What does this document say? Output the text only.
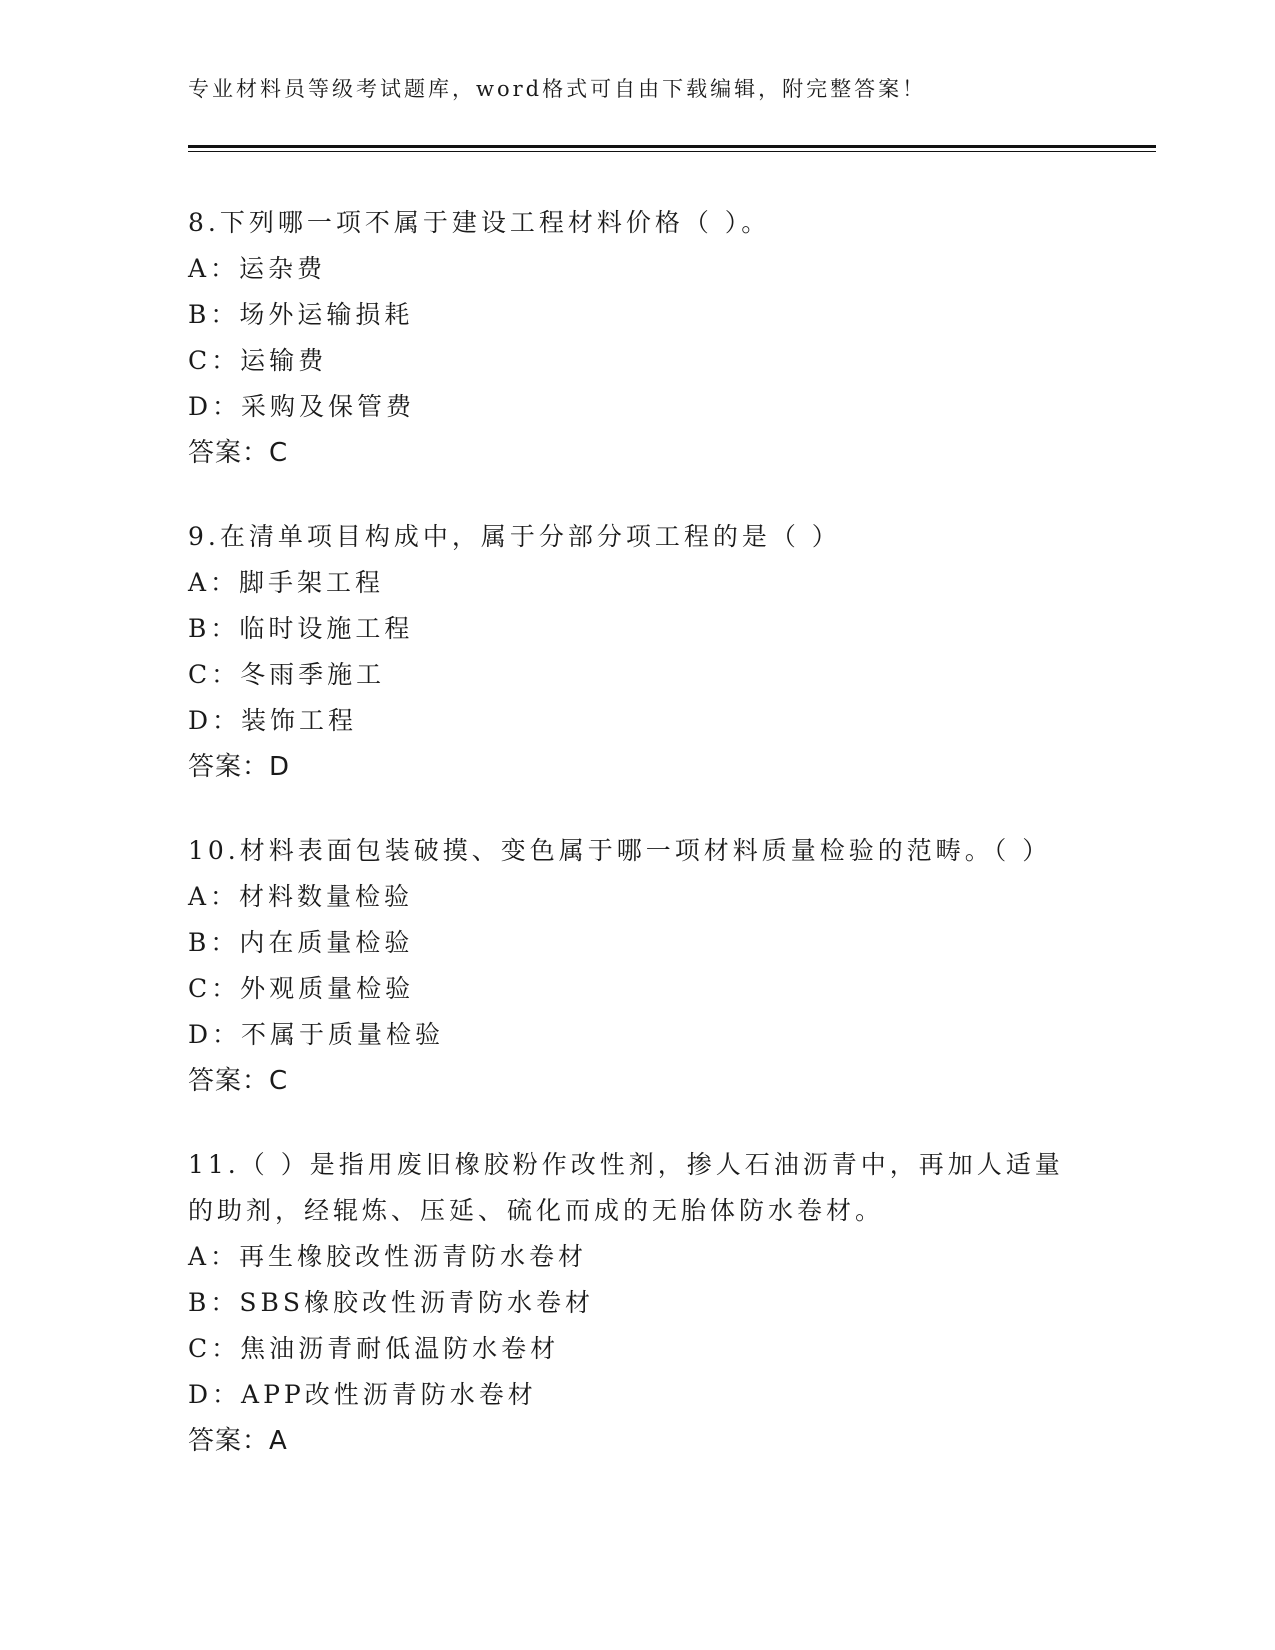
专业材料员等级考试题库，word格式可自由下载编辑，附完整答案！

8.下列哪一项不属于建设工程材料价格（ ）。

A：运杂费
B：场外运输损耗
C：运输费
D：采购及保管费
答案：C

9.在清单项目构成中，属于分部分项工程的是（ ）

A：脚手架工程
B：临时设施工程
C：冬雨季施工
D：装饰工程
答案：D

10.材料表面包装破摸、变色属于哪一项材料质量检验的范畴。（ ）

A：材料数量检验
B：内在质量检验
C：外观质量检验
D：不属于质量检验
答案：C

11.（ ）是指用废旧橡胶粉作改性剂，掺人石油沥青中，再加人适量的助剂，经辊炼、压延、硫化而成的无胎体防水卷材。

A：再生橡胶改性沥青防水卷材
B：SBS橡胶改性沥青防水卷材
C：焦油沥青耐低温防水卷材
D：APP改性沥青防水卷材
答案：A
